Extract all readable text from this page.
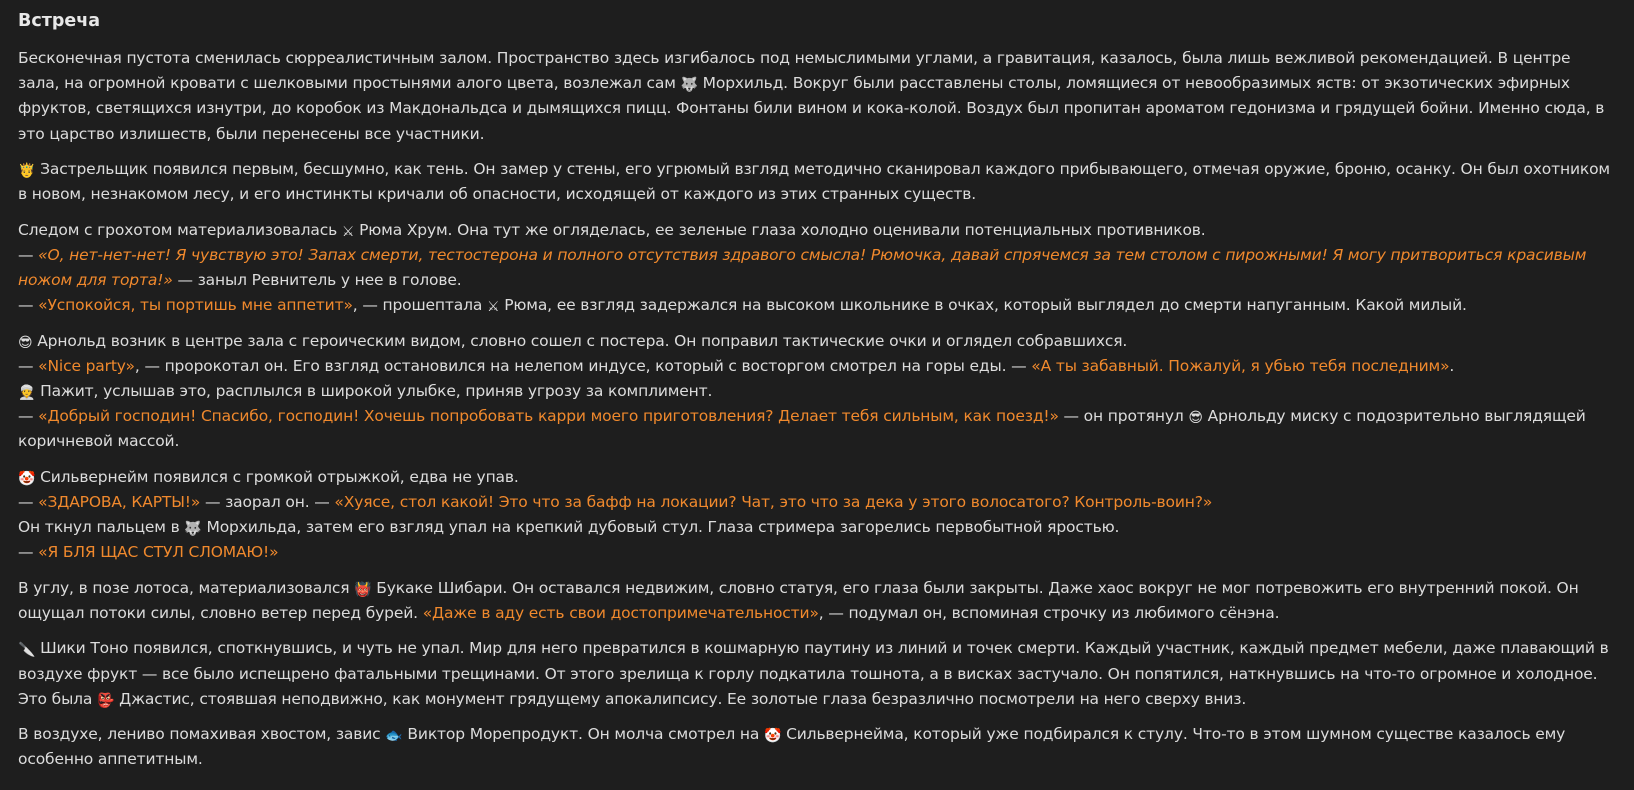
Встреча
Бесконечная пустота сменилась сюрреалистичным залом. Пространство здесь изгибалось под немыслимыми углами, а гравитация, казалось, была лишь вежливой рекомендацией. В центре зала, на огромной кровати с шелковыми простынями алого цвета, возлежал сам 🐺 Морхильд. Вокруг были расставлены столы, ломящиеся от невообразимых яств: от экзотических эфирных фруктов, светящихся изнутри, до коробок из Макдональдса и дымящихся пицц. Фонтаны били вином и кока-колой. Воздух был пропитан ароматом гедонизма и грядущей бойни. Именно сюда, в это царство излишеств, были перенесены все участники.
🤴 Застрельщик появился первым, бесшумно, как тень. Он замер у стены, его угрюмый взгляд методично сканировал каждого прибывающего, отмечая оружие, броню, осанку. Он был охотником в новом, незнакомом лесу, и его инстинкты кричали об опасности, исходящей от каждого из этих странных существ.
Следом с грохотом материализовалась ⚔ Рюма Хрум. Она тут же огляделась, ее зеленые глаза холодно оценивали потенциальных противников.
— «О, нет-нет-нет! Я чувствую это! Запах смерти, тестостерона и полного отсутствия здравого смысла! Рюмочка, давай спрячемся за тем столом с пирожными! Я могу притвориться красивым ножом для торта!» — заныл Ревнитель у нее в голове.
— «Успокойся, ты портишь мне аппетит», — прошептала ⚔ Рюма, ее взгляд задержался на высоком школьнике в очках, который выглядел до смерти напуганным. Какой милый.
😎 Арнольд возник в центре зала с героическим видом, словно сошел с постера. Он поправил тактические очки и оглядел собравшихся.
— «Nice party», — пророкотал он. Его взгляд остановился на нелепом индусе, который с восторгом смотрел на горы еды. — «А ты забавный. Пожалуй, я убью тебя последним».
👳 Пажит, услышав это, расплылся в широкой улыбке, приняв угрозу за комплимент.
— «Добрый господин! Спасибо, господин! Хочешь попробовать карри моего приготовления? Делает тебя сильным, как поезд!» — он протянул 😎 Арнольду миску с подозрительно выглядящей коричневой массой.
🤡 Сильвернейм появился с громкой отрыжкой, едва не упав.
— «ЗДАРОВА, КАРТЫ!» — заорал он. — «Хуясе, стол какой! Это что за бафф на локации? Чат, это что за дека у этого волосатого? Контроль-воин?»
Он ткнул пальцем в 🐺 Морхильда, затем его взгляд упал на крепкий дубовый стул. Глаза стримера загорелись первобытной яростью.
— «Я БЛЯ ЩАС СТУЛ СЛОМАЮ!»
В углу, в позе лотоса, материализовался 👹 Букаке Шибари. Он оставался недвижим, словно статуя, его глаза были закрыты. Даже хаос вокруг не мог потревожить его внутренний покой. Он ощущал потоки силы, словно ветер перед бурей. «Даже в аду есть свои достопримечательности», — подумал он, вспоминая строчку из любимого сёнэна.
🔪 Шики Тоно появился, споткнувшись, и чуть не упал. Мир для него превратился в кошмарную паутину из линий и точек смерти. Каждый участник, каждый предмет мебели, даже плавающий в воздухе фрукт — все было испещрено фатальными трещинами. От этого зрелища к горлу подкатила тошнота, а в висках застучало. Он попятился, наткнувшись на что-то огромное и холодное. Это была 👺 Джастис, стоявшая неподвижно, как монумент грядущему апокалипсису. Ее золотые глаза безразлично посмотрели на него сверху вниз.
В воздухе, лениво помахивая хвостом, завис 🐟 Виктор Морепродукт. Он молча смотрел на 🤡 Сильвернейма, который уже подбирался к стулу. Что-то в этом шумном существе казалось ему особенно аппетитным.
